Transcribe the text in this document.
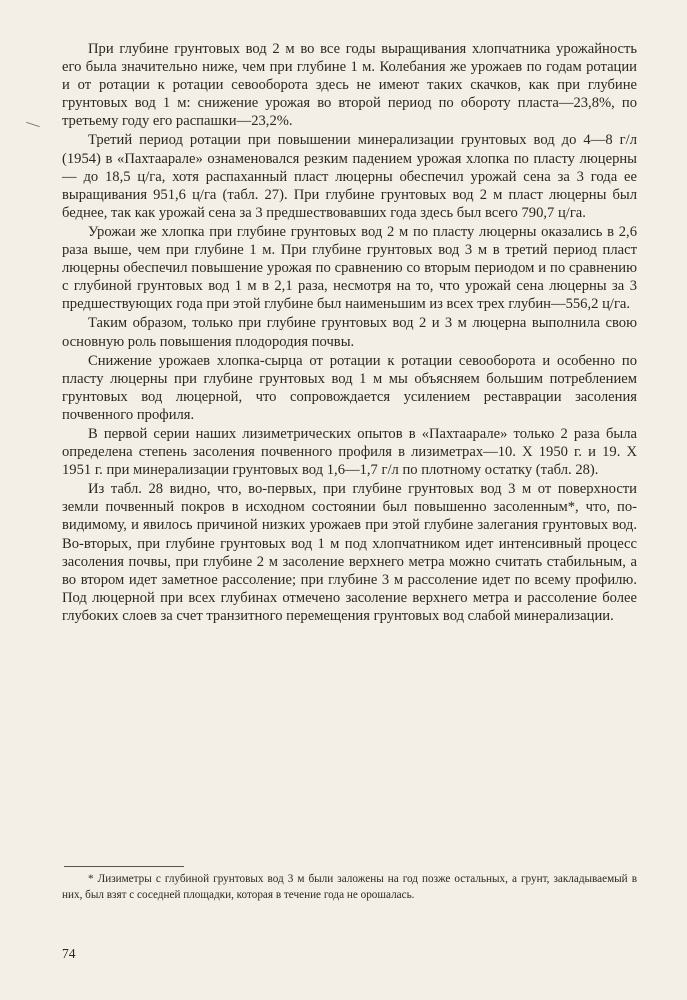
При глубине грунтовых вод 2 м во все годы выращивания хлопчатника урожайность его была значительно ниже, чем при глубине 1 м. Колебания же урожаев по годам ротации и от ротации к ротации севооборота здесь не имеют таких скачков, как при глубине грунтовых вод 1 м: снижение урожая во второй период по обороту пласта—23,8%, по третьему году его распашки—23,2%.

Третий период ротации при повышении минерализации грунтовых вод до 4—8 г/л (1954) в «Пахтаарале» ознаменовался резким падением урожая хлопка по пласту люцерны — до 18,5 ц/га, хотя распаханный пласт люцерны обеспечил урожай сена за 3 года ее выращивания 951,6 ц/га (табл. 27). При глубине грунтовых вод 2 м пласт люцерны был беднее, так как урожай сена за 3 предшествовавших года здесь был всего 790,7 ц/га.

Урожаи же хлопка при глубине грунтовых вод 2 м по пласту люцерны оказались в 2,6 раза выше, чем при глубине 1 м. При глубине грунтовых вод 3 м в третий период пласт люцерны обеспечил повышение урожая по сравнению со вторым периодом и по сравнению с глубиной грунтовых вод 1 м в 2,1 раза, несмотря на то, что урожай сена люцерны за 3 предшествующих года при этой глубине был наименьшим из всех трех глубин—556,2 ц/га.

Таким образом, только при глубине грунтовых вод 2 и 3 м люцерна выполнила свою основную роль повышения плодородия почвы.

Снижение урожаев хлопка-сырца от ротации к ротации севооборота и особенно по пласту люцерны при глубине грунтовых вод 1 м мы объясняем большим потреблением грунтовых вод люцерной, что сопровождается усилением реставрации засоления почвенного профиля.

В первой серии наших лизиметрических опытов в «Пахтаарале» только 2 раза была определена степень засоления почвенного профиля в лизиметрах—10. X 1950 г. и 19. X 1951 г. при минерализации грунтовых вод 1,6—1,7 г/л по плотному остатку (табл. 28).

Из табл. 28 видно, что, во-первых, при глубине грунтовых вод 3 м от поверхности земли почвенный покров в исходном состоянии был повышенно засоленным*, что, по-видимому, и явилось причиной низких урожаев при этой глубине залегания грунтовых вод. Во-вторых, при глубине грунтовых вод 1 м под хлопчатником идет интенсивный процесс засоления почвы, при глубине 2 м засоление верхнего метра можно считать стабильным, а во втором идет заметное рассоление; при глубине 3 м рассоление идет по всему профилю. Под люцерной при всех глубинах отмечено засоление верхнего метра и рассоление более глубоких слоев за счет транзитного перемещения грунтовых вод слабой минерализации.

* Лизиметры с глубиной грунтовых вод 3 м были заложены на год позже остальных, а грунт, закладываемый в них, был взят с соседней площадки, которая в течение года не орошалась.

74
